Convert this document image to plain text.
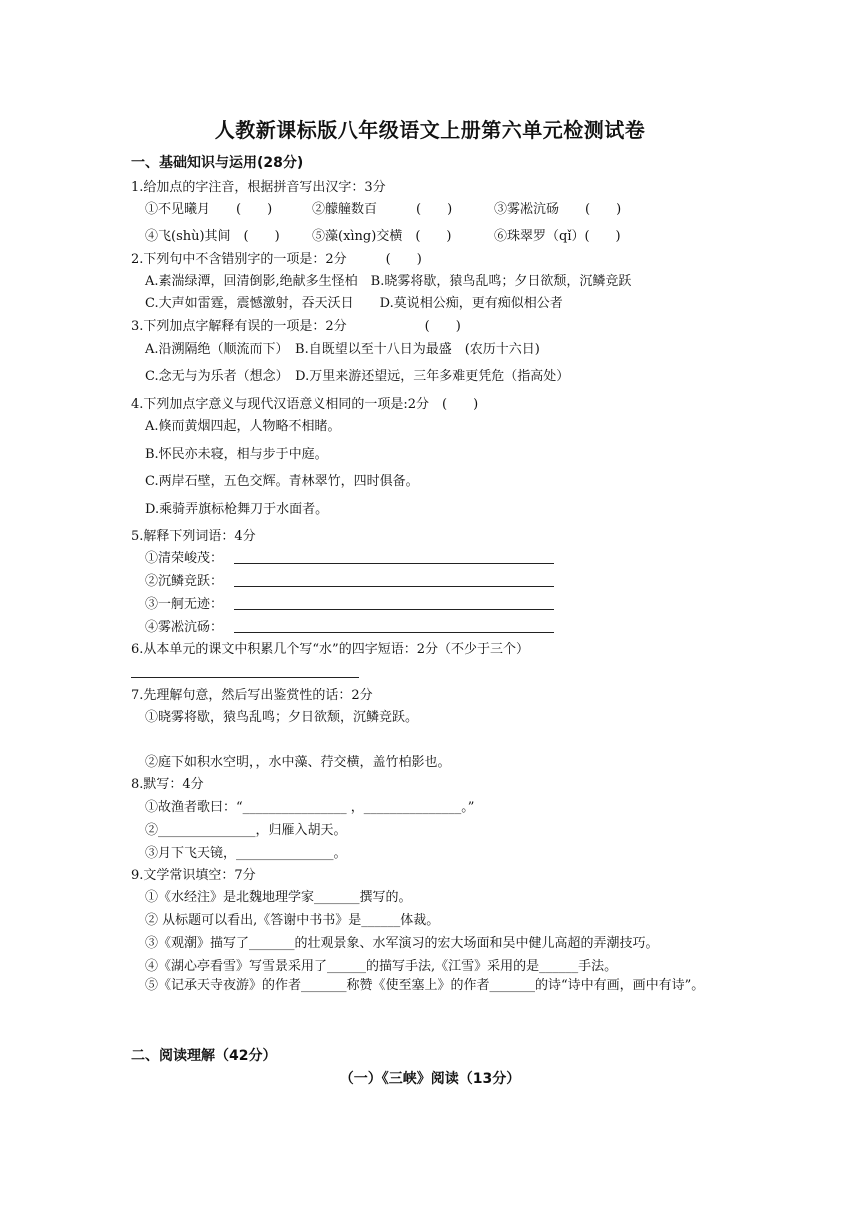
人教新课标版八年级语文上册第六单元检测试卷
一、基础知识与运用(28分)
1.给加点的字注音，根据拼音写出汉字：3分
①不见曦月　　(　　)	②艨艟数百　　　(　　)	③雾凇沆砀　　(　　)
④飞(shù)其间　(　　) ⑤藻(xìng)交横　(　　)	⑥珠翠罗（qǐ）(　　)
2.下列句中不含错别字的一项是：2分　　　(　　)
A.素湍绿潭，回清倒影,绝献多生怪柏　B.晓雾将歇，猿鸟乱鸣；夕日欲颓，沉鳞竞跃
C.大声如雷霆，震憾激射，吞天沃日　　D.莫说相公痴，更有痴似相公者
3.下列加点字解释有误的一项是：2分　　　　　　(　　)
A.沿溯隔绝（顺流而下）　B.自既望以至十八日为最盛　(农历十六日)
C.念无与为乐者（想念）　D.万里来游还望远，三年多难更凭危（指高处）
4.下列加点字意义与现代汉语意义相同的一项是:2分　(　　)
A.倏而黄烟四起，人物略不相睹。
B.怀民亦未寝，相与步于中庭。
C.两岸石壁，五色交辉。青林翠竹，四时俱备。
D.乘骑弄旗标枪舞刀于水面者。
5.解释下列词语：4分
①清荣峻茂：
②沉鳞竞跃：
③一舸无迹：
④雾凇沆砀：
6.从本单元的课文中积累几个写“水”的四字短语：2分（不少于三个）
7.先理解句意，然后写出鉴赏性的话：2分
①晓雾将歇，猿鸟乱鸣；夕日欲颓，沉鳞竞跃。
②庭下如积水空明，，水中藻、荇交横，盖竹柏影也。
8.默写：4分
①故渔者歌曰：“________________ ，_______________。”
②_______________，归雁入胡天。
③月下飞天镜，_______________。
9.文学常识填空：7分
①《水经注》是北魏地理学家_______撰写的。
② 从标题可以看出,《答谢中书书》是______体裁。
③《观潮》描写了_______的壮观景象、水军演习的宏大场面和吴中健儿高超的弄潮技巧。
④《湖心亭看雪》写雪景采用了______的描写手法,《江雪》采用的是______手法。
⑤《记承天寺夜游》的作者_______称赞《使至塞上》的作者_______的诗“诗中有画，画中有诗”。
二、阅读理解（42分）
（一）《三峡》阅读（13分）
